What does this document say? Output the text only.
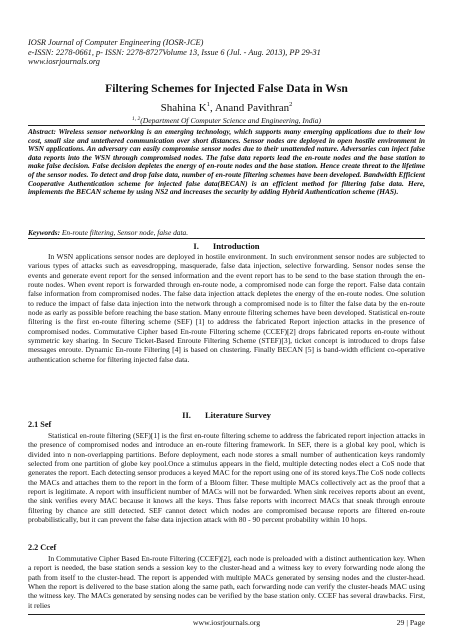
IOSR Journal of Computer Engineering (IOSR-JCE)
e-ISSN: 2278-0661, p- ISSN: 2278-8727Volume 13, Issue 6 (Jul. - Aug. 2013), PP 29-31
www.iosrjournals.org
Filtering Schemes for Injected False Data in Wsn
Shahina $K^1$, Anand Pavithran$^2$
$^{1, 2}$(Department Of Computer Science and Engineering, India)
Abstract: Wireless sensor networking is an emerging technology, which supports many emerging applications due to their low cost, small size and untethered communication over short distances. Sensor nodes are deployed in open hostile environment in WSN applications. An adversary can easily compromise sensor nodes due to their unattended nature. Adversaries can inject false data reports into the WSN through compromised nodes. The false data reports lead the en-route nodes and the base station to make false decision. False decision depletes the energy of en-route nodes and the base station. Hence create threat to the lifetime of the sensor nodes. To detect and drop false data, number of en-route filtering schemes have been developed. Bandwidth Efficient Cooperative Authentication scheme for injected false data(BECAN) is an efficient method for filtering false data. Here, implements the BECAN scheme by using NS2 and increases the security by adding Hybrid Authentication scheme (HAS).
Keywords: En-route filtering, Sensor node, false data.
I. Introduction

In WSN applications sensor nodes are deployed in hostile environment. In such environment sensor nodes are subjected to various types of attacks such as eavesdropping, masquerade, false data injection, selective forwarding. Sensor nodes sense the events and generate event report for the sensed information and the event report has to be send to the base station through the en-route nodes. When event report is forwarded through en-route node, a compromised node can forge the report. False data contain false information from compromised nodes. The false data injection attack depletes the energy of the en-route nodes. One solution to reduce the impact of false data injection into the network through a compromised node is to filter the false data by the en-route node as early as possible before reaching the base station. Many enroute filtering schemes have been developed. Statistical en-route filtering is the first en-route filtering scheme (SEF) [1] to address the fabricated Report injection attacks in the presence of compromised nodes. Commutative Cipher based En-route Filtering scheme (CCEF)[2] drops fabricated reports en-route without symmetric key sharing. In Secure Ticket-Based Enroute Filtering Scheme (STEF)[3], ticket concept is introduced to drops false messages enroute. Dynamic En-route Filtering [4] is based on clustering. Finally BECAN [5] is band-width efficient co-operative authentication scheme for filtering injected false data.

II. Literature Survey
2.1 Sef

Statistical en-route filtering (SEF)[1] is the first en-route filtering scheme to address the fabricated report injection attacks in the presence of compromised nodes and introduce an en-route filtering framework. In SEF, there is a global key pool, which is divided into n non-overlapping partitions. Before deployment, each node stores a small number of authentication keys randomly selected from one partition of globe key pool.Once a stimulus appears in the field, multiple detecting nodes elect a CoS node that generates the report. Each detecting sensor produces a keyed MAC for the report using one of its stored keys.The CoS node collects the MACs and attaches them to the report in the form of a Bloom filter. These multiple MACs collectively act as the proof that a report is legitimate. A report with insufficient number of MACs will not be forwarded. When sink receives reports about an event, the sink verifies every MAC because it knows all the keys. Thus false reports with incorrect MACs that sneak through enroute filtering by chance are still detected. SEF cannot detect which nodes are compromised because reports are filtered en-route probabilistically, but it can prevent the false data injection attack with 80 - 90 percent probability within 10 hops.

2.2 Ccef

In Commutative Cipher Based En-route Filtering (CCEF)[2], each node is preloaded with a distinct authentication key. When a report is needed, the base station sends a session key to the cluster-head and a witness key to every forwarding node along the path from itself to the cluster-head. The report is appended with multiple MACs generated by sensing nodes and the cluster-head. When the report is delivered to the base station along the same path, each forwarding node can verify the cluster-heads MAC using the witness key. The MACs generated by sensing nodes can be verified by the base station only. CCEF has several drawbacks. First, it relies

www.iosrjournals.org	29 | Page
